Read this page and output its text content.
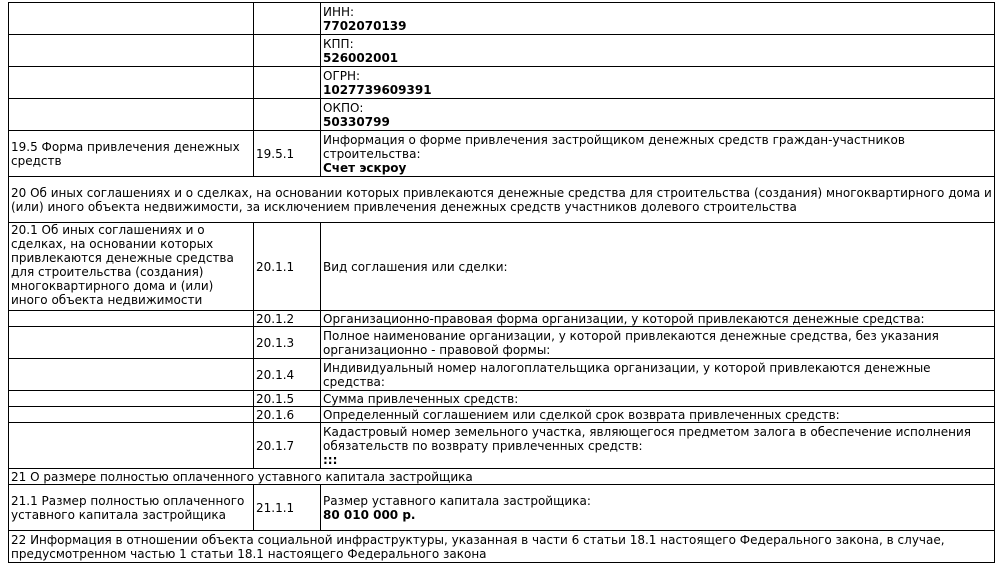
		ИНН:
7702070139

		КПП:
526002001

		ОГРН:
1027739609391

		ОКПО:
50330799

19.5 Форма привлечения денежных средств	19.5.1	Информация о форме привлечения застройщиком денежных средств граждан-участников строительства:
Счет эскроу

20 Об иных соглашениях и о сделках, на основании которых привлекаются денежные средства для строительства (создания) многоквартирного дома и (или) иного объекта недвижимости, за исключением привлечения денежных средств участников долевого строительства		
20.1 Об иных соглашениях и о сделках, на основании которых привлекаются денежные средства для строительства (создания) многоквартирного дома и (или) иного объекта недвижимости	20.1.1	Вид соглашения или сделки:
	20.1.2	Организационно-правовая форма организации, у которой привлекаются денежные средства:
	20.1.3	Полное наименование организации, у которой привлекаются денежные средства, без указания организационно - правовой формы:
	20.1.4	Индивидуальный номер налогоплательщика организации, у которой привлекаются денежные средства:
	20.1.5	Сумма привлеченных средств:
	20.1.6	Определенный соглашением или сделкой срок возврата привлеченных средств:
	20.1.7	Кадастровый номер земельного участка, являющегося предметом залога в обеспечение исполнения обязательств по возврату привлеченных средств:
:::

21 О размере полностью оплаченного уставного капитала застройщика		
21.1 Размер полностью оплаченного уставного капитала застройщика	21.1.1	Размер уставного капитала застройщика:
80 010 000 р.

22 Информация в отношении объекта социальной инфраструктуры, указанная в части 6 статьи 18.1 настоящего Федерального закона, в случае, предусмотренном частью 1 статьи 18.1 настоящего Федерального закона		
